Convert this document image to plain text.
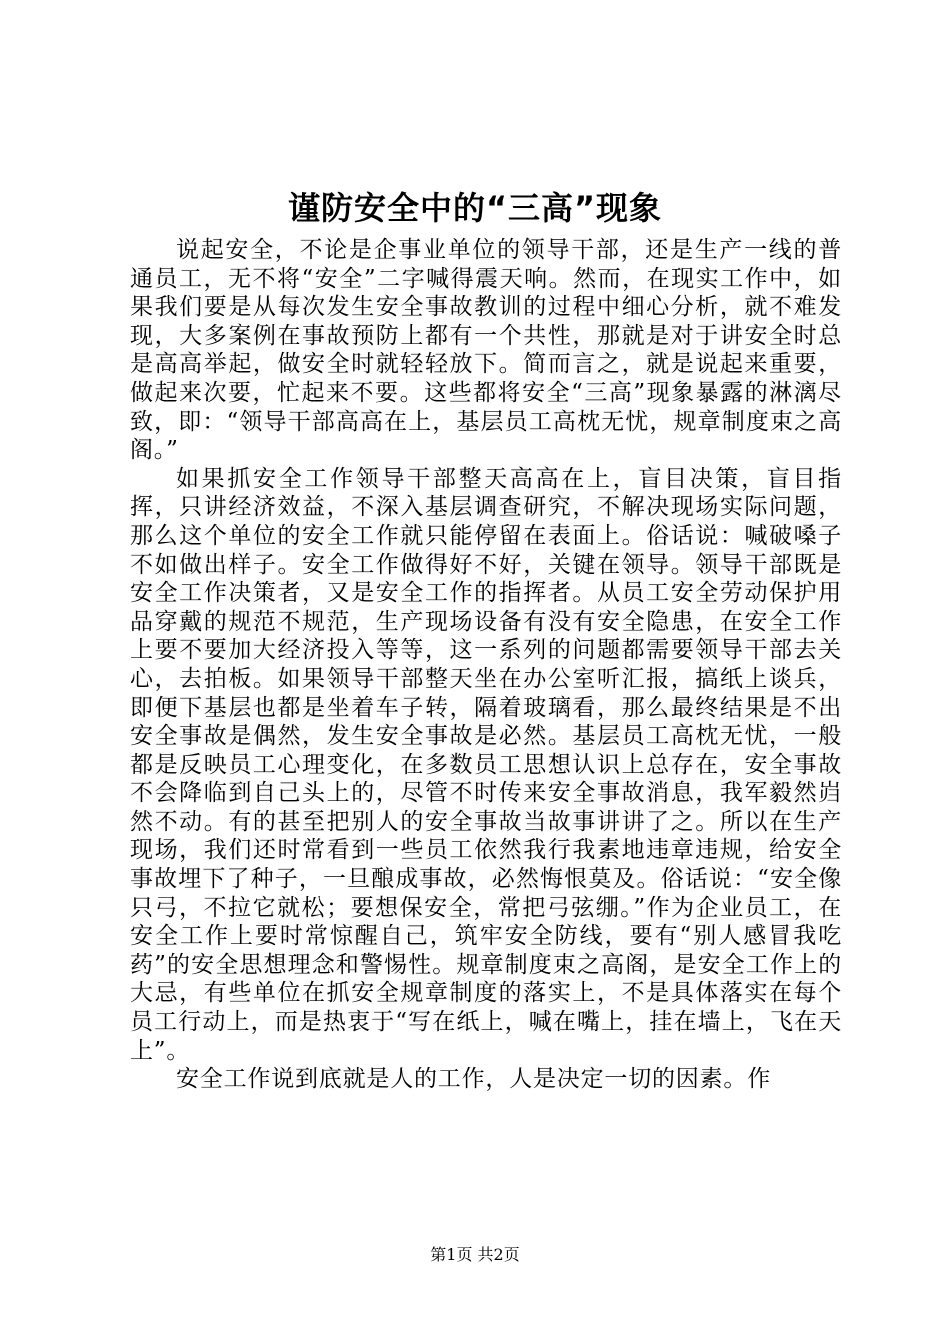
谨防安全中的“三高”现象

说起安全，不论是企事业单位的领导干部，还是生产一线的普通员工，无不将“安全”二字喊得震天响。然而，在现实工作中，如果我们要是从每次发生安全事故教训的过程中细心分析，就不难发现，大多案例在事故预防上都有一个共性，那就是对于讲安全时总是高高举起，做安全时就轻轻放下。简而言之，就是说起来重要，做起来次要，忙起来不要。这些都将安全“三高”现象暴露的淋漓尽致，即：“领导干部高高在上，基层员工高枕无忧，规章制度束之高阁。”

如果抓安全工作领导干部整天高高在上，盲目决策，盲目指挥，只讲经济效益，不深入基层调查研究，不解决现场实际问题，那么这个单位的安全工作就只能停留在表面上。俗话说：喊破嗓子不如做出样子。安全工作做得好不好，关键在领导。领导干部既是安全工作决策者，又是安全工作的指挥者。从员工安全劳动保护用品穿戴的规范不规范，生产现场设备有没有安全隐患，在安全工作上要不要加大经济投入等等，这一系列的问题都需要领导干部去关心，去拍板。如果领导干部整天坐在办公室听汇报，搞纸上谈兵，即便下基层也都是坐着车子转，隔着玻璃看，那么最终结果是不出安全事故是偶然，发生安全事故是必然。基层员工高枕无忧，一般都是反映员工心理变化，在多数员工思想认识上总存在，安全事故不会降临到自己头上的，尽管不时传来安全事故消息，我军毅然岿然不动。有的甚至把别人的安全事故当故事讲讲了之。所以在生产现场，我们还时常看到一些员工依然我行我素地违章违规，给安全事故埋下了种子，一旦酿成事故，必然悔恨莫及。俗话说：“安全像只弓，不拉它就松；要想保安全，常把弓弦绷。”作为企业员工，在安全工作上要时常惊醒自己，筑牢安全防线，要有“别人感冒我吃药”的安全思想理念和警惕性。规章制度束之高阁，是安全工作上的大忌，有些单位在抓安全规章制度的落实上，不是具体落实在每个员工行动上，而是热衷于“写在纸上，喊在嘴上，挂在墙上，飞在天上”。

安全工作说到底就是人的工作，人是决定一切的因素。作

第1页 共2页
